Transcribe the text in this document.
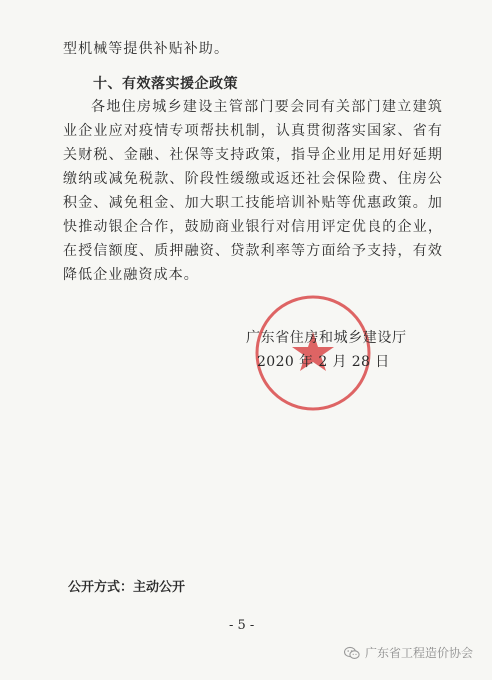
型机械等提供补贴补助。
十、有效落实援企政策

各地住房城乡建设主管部门要会同有关部门建立建筑业企业应对疫情专项帮扶机制，认真贯彻落实国家、省有关财税、金融、社保等支持政策，指导企业用足用好延期缴纳或减免税款、阶段性缓缴或返还社会保险费、住房公积金、减免租金、加大职工技能培训补贴等优惠政策。加快推动银企合作，鼓励商业银行对信用评定优良的企业，在授信额度、质押融资、贷款利率等方面给予支持，有效降低企业融资成本。

广东省住房和城乡建设厅
2020 年 2 月 28 日
公开方式：主动公开
- 5 -
广东省工程造价协会
